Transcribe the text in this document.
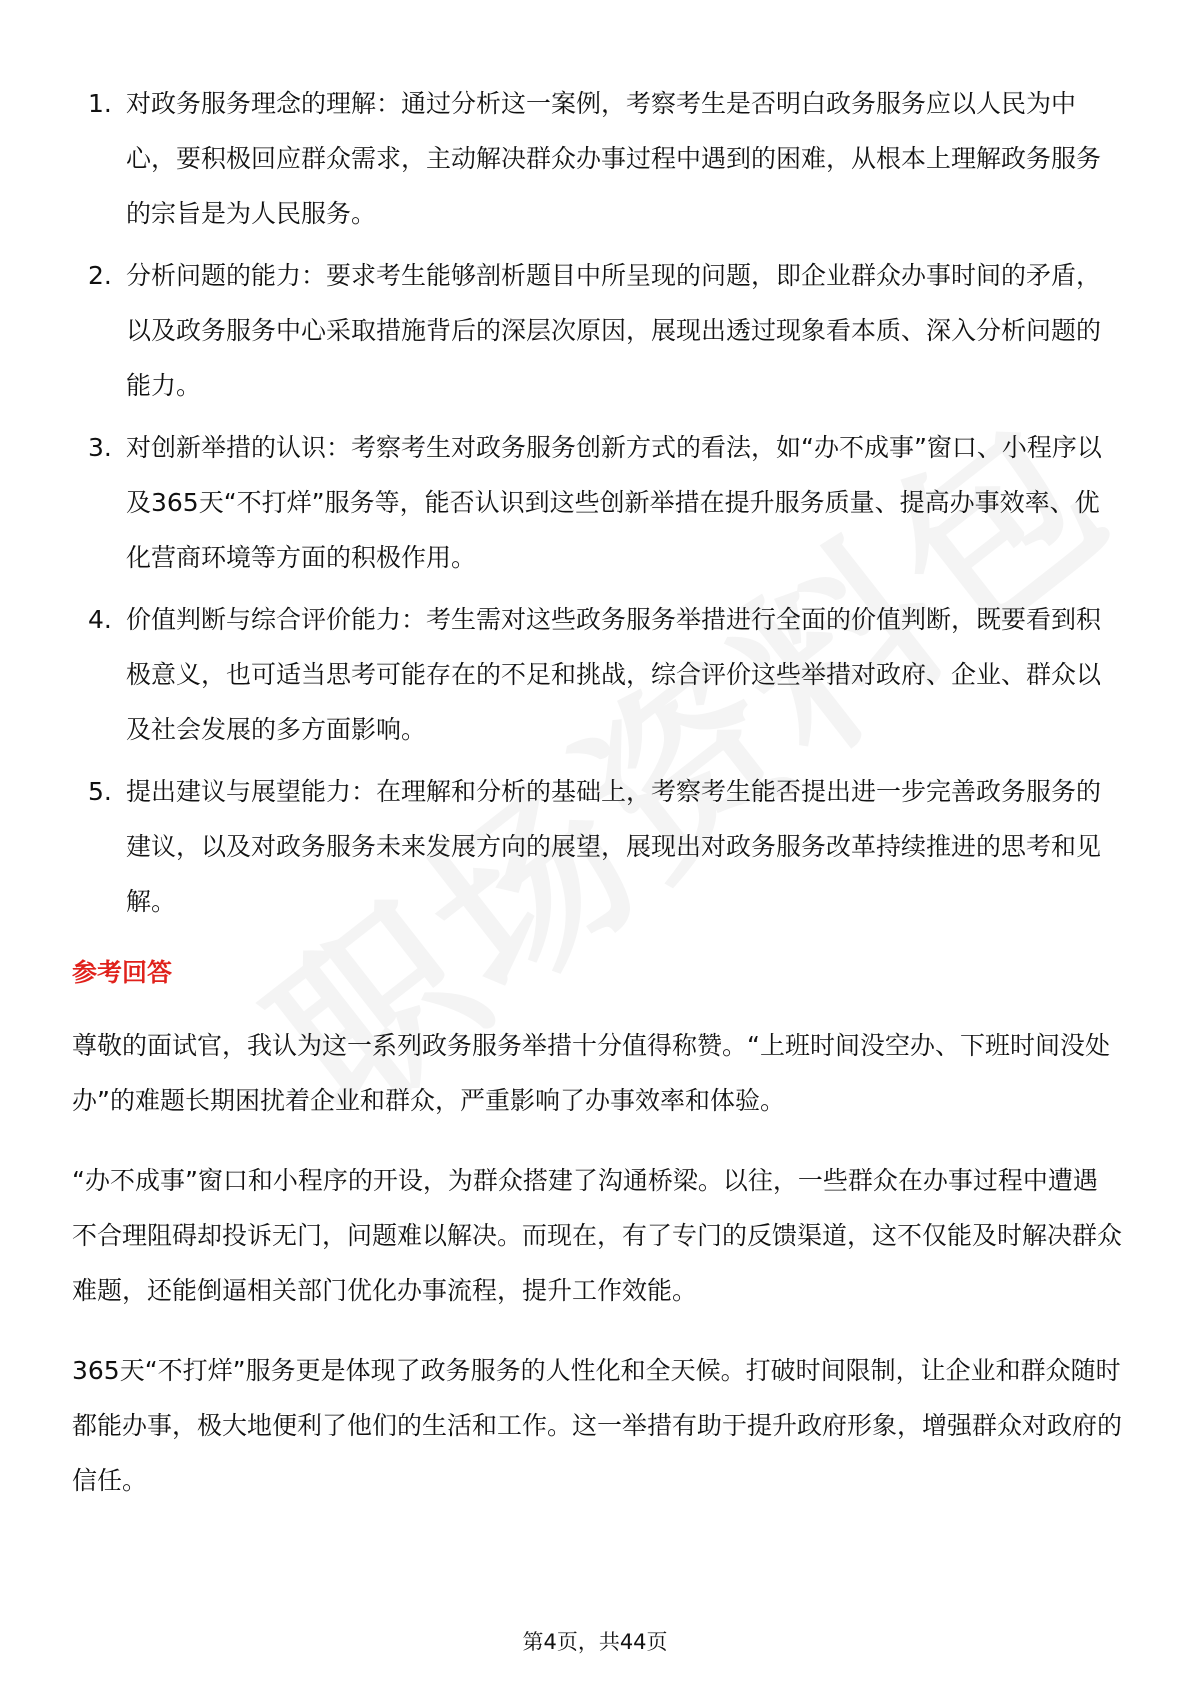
1. 对政务服务理念的理解：通过分析这一案例，考察考生是否明白政务服务应以人民为中心，要积极回应群众需求，主动解决群众办事过程中遇到的困难，从根本上理解政务服务的宗旨是为人民服务。
2. 分析问题的能力：要求考生能够剖析题目中所呈现的问题，即企业群众办事时间的矛盾，以及政务服务中心采取措施背后的深层次原因，展现出透过现象看本质、深入分析问题的能力。
3. 对创新举措的认识：考察考生对政务服务创新方式的看法，如“办不成事”窗口、小程序以及365天“不打烊”服务等，能否认识到这些创新举措在提升服务质量、提高办事效率、优化营商环境等方面的积极作用。
4. 价值判断与综合评价能力：考生需对这些政务服务举措进行全面的价值判断，既要看到积极意义，也可适当思考可能存在的不足和挑战，综合评价这些举措对政府、企业、群众以及社会发展的多方面影响。
5. 提出建议与展望能力：在理解和分析的基础上，考察考生能否提出进一步完善政务服务的建议，以及对政务服务未来发展方向的展望，展现出对政务服务改革持续推进的思考和见解。
参考回答

尊敬的面试官，我认为这一系列政务服务举措十分值得称赞。“上班时间没空办、下班时间没处办”的难题长期困扰着企业和群众，严重影响了办事效率和体验。

“办不成事”窗口和小程序的开设，为群众搭建了沟通桥梁。以往，一些群众在办事过程中遭遇不合理阻碍却投诉无门，问题难以解决。而现在，有了专门的反馈渠道，这不仅能及时解决群众难题，还能倒逼相关部门优化办事流程，提升工作效能。

365天“不打烊”服务更是体现了政务服务的人性化和全天候。打破时间限制，让企业和群众随时都能办事，极大地便利了他们的生活和工作。这一举措有助于提升政府形象，增强群众对政府的信任。

第4页，共44页
